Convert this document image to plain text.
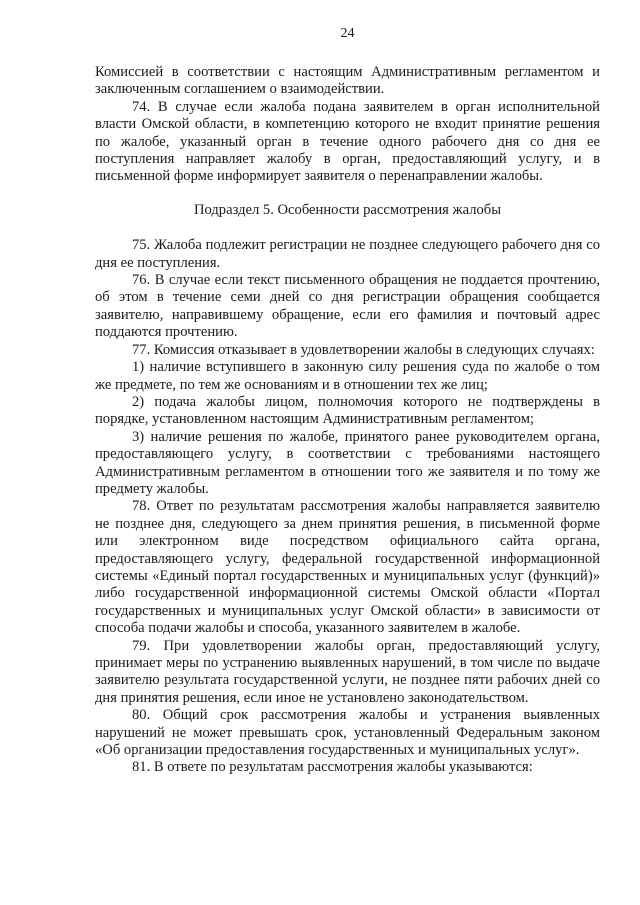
24

Комиссией в соответствии с настоящим Административным регламентом и заключенным соглашением о взаимодействии.

74. В случае если жалоба подана заявителем в орган исполнительной власти Омской области, в компетенцию которого не входит принятие решения по жалобе, указанный орган в течение одного рабочего дня со дня ее поступления направляет жалобу в орган, предоставляющий услугу, и в письменной форме информирует заявителя о перенаправлении жалобы.

Подраздел 5. Особенности рассмотрения жалобы

75. Жалоба подлежит регистрации не позднее следующего рабочего дня со дня ее поступления.

76. В случае если текст письменного обращения не поддается прочтению, об этом в течение семи дней со дня регистрации обращения сообщается заявителю, направившему обращение, если его фамилия и почтовый адрес поддаются прочтению.

77. Комиссия отказывает в удовлетворении жалобы в следующих случаях:

1) наличие вступившего в законную силу решения суда по жалобе о том же предмете, по тем же основаниям и в отношении тех же лиц;

2) подача жалобы лицом, полномочия которого не подтверждены в порядке, установленном настоящим Административным регламентом;

3) наличие решения по жалобе, принятого ранее руководителем органа, предоставляющего услугу, в соответствии с требованиями настоящего Административным регламентом в отношении того же заявителя и по тому же предмету жалобы.

78. Ответ по результатам рассмотрения жалобы направляется заявителю не позднее дня, следующего за днем принятия решения, в письменной форме или электронном виде посредством официального сайта органа, предоставляющего услугу, федеральной государственной информационной системы «Единый портал государственных и муниципальных услуг (функций)» либо государственной информационной системы Омской области «Портал государственных и муниципальных услуг Омской области» в зависимости от способа подачи жалобы и способа, указанного заявителем в жалобе.

79. При удовлетворении жалобы орган, предоставляющий услугу, принимает меры по устранению выявленных нарушений, в том числе по выдаче заявителю результата государственной услуги, не позднее пяти рабочих дней со дня принятия решения, если иное не установлено законодательством.

80. Общий срок рассмотрения жалобы и устранения выявленных нарушений не может превышать срок, установленный Федеральным законом «Об организации предоставления государственных и муниципальных услуг».

81. В ответе по результатам рассмотрения жалобы указываются:
